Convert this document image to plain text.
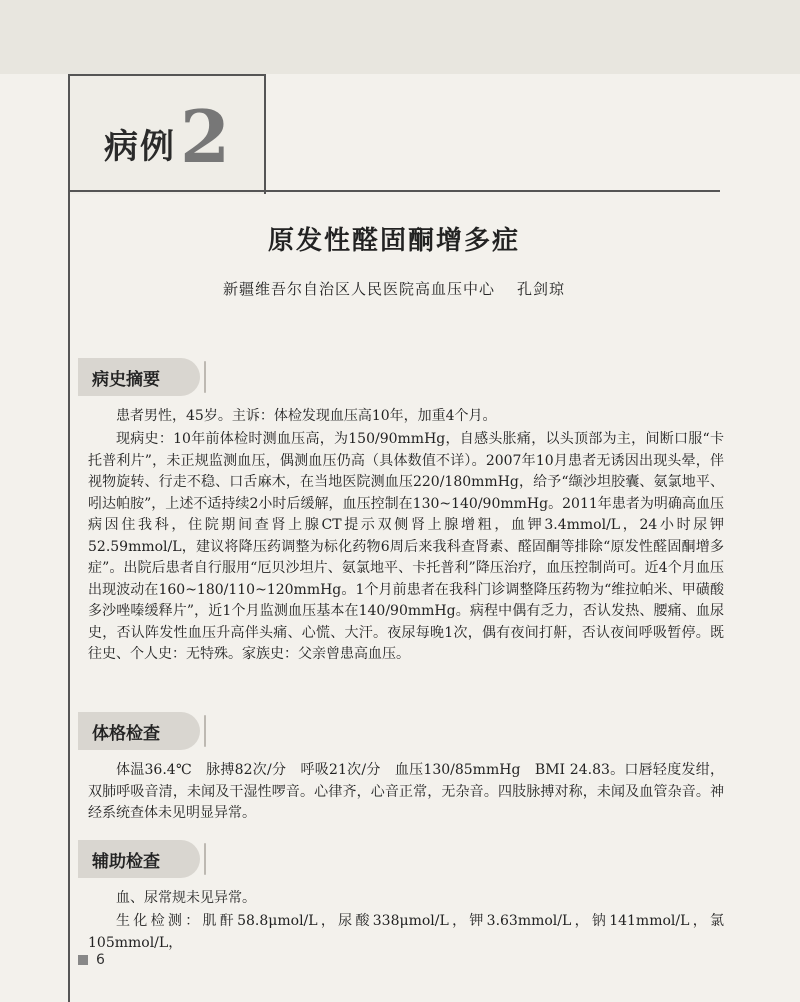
病例 2
原发性醛固酮增多症
新疆维吾尔自治区人民医院高血压中心 孔剑琼
病史摘要
患者男性，45岁。主诉：体检发现血压高10年，加重4个月。
现病史：10年前体检时测血压高，为150/90mmHg，自感头胀痛，以头顶部为主，间断口服“卡托普利片”，未正规监测血压，偶测血压仍高（具体数值不详）。2007年10月患者无诱因出现头晕，伴视物旋转、行走不稳、口舌麻木，在当地医院测血压220/180mmHg，给予“缬沙坦胶囊、氨氯地平、吲达帕胺”，上述不适持续2小时后缓解，血压控制在130~140/90mmHg。2011年患者为明确高血压病因住我科，住院期间查肾上腺CT提示双侧肾上腺增粗，血钾3.4mmol/L，24小时尿钾52.59mmol/L，建议将降压药调整为标化药物6周后来我科查肾素、醛固酮等排除“原发性醛固酮增多症”。出院后患者自行服用“厄贝沙坦片、氨氯地平、卡托普利”降压治疗，血压控制尚可。近4个月血压出现波动在160~180/110~120mmHg。1个月前患者在我科门诊调整降压药物为“维拉帕米、甲磺酸多沙唑嗪缓释片”，近1个月监测血压基本在140/90mmHg。病程中偶有乏力，否认发热、腰痛、血尿史，否认阵发性血压升高伴头痛、心慌、大汗。夜尿每晚1次，偶有夜间打鼾，否认夜间呼吸暂停。既往史、个人史：无特殊。家族史：父亲曾患高血压。
体格检查
体温36.4℃　脉搏82次/分　呼吸21次/分　血压130/85mmHg　BMI 24.83。口唇轻度发绀，双肺呼吸音清，未闻及干湿性啰音。心律齐，心音正常，无杂音。四肢脉搏对称，未闻及血管杂音。神经系统查体未见明显异常。
辅助检查
血、尿常规未见异常。
生化检测：肌酐58.8μmol/L，尿酸338μmol/L，钾3.63mmol/L，钠141mmol/L，氯105mmol/L，
6
